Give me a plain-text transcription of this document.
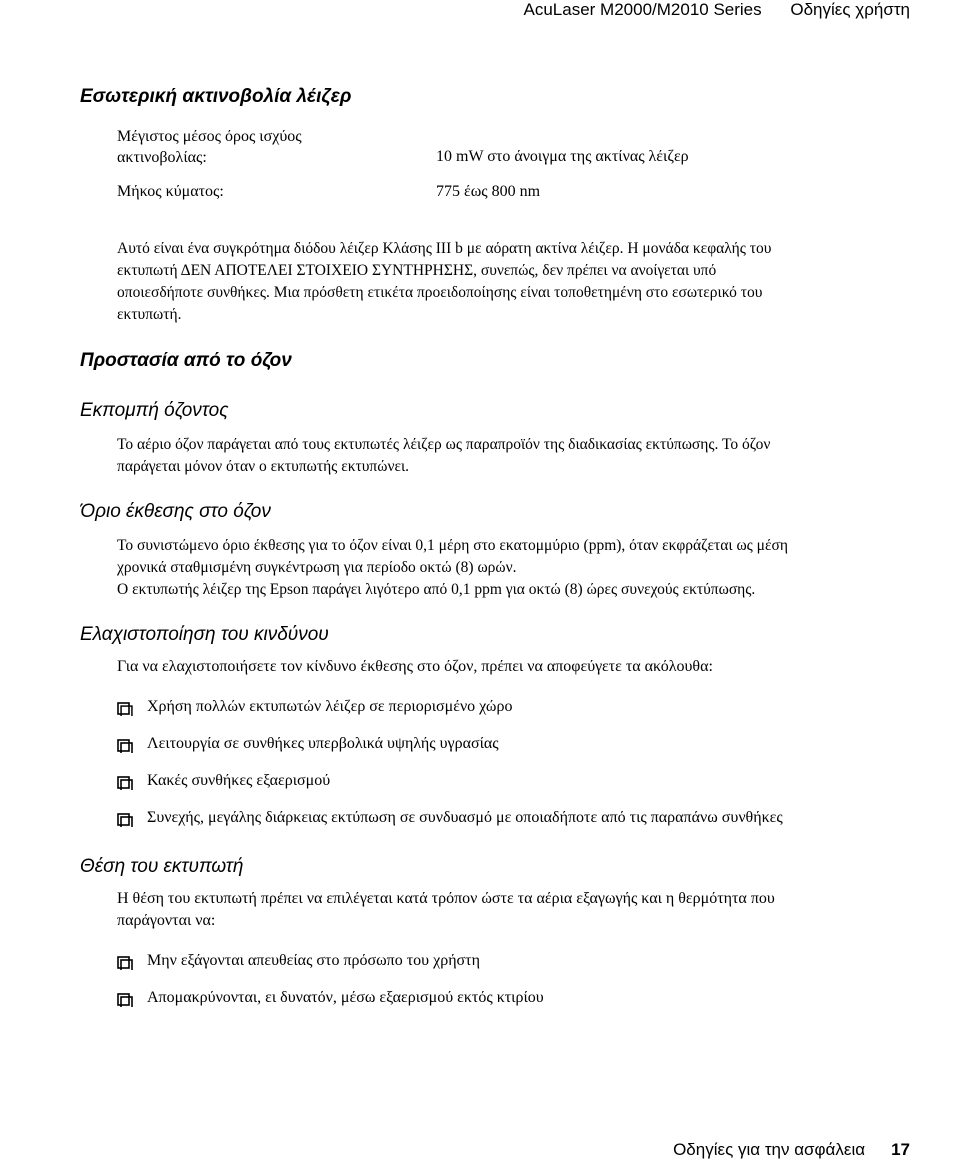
AcuLaser M2000/M2010 Series Οδηγίες χρήστη
Εσωτερική ακτινοβολία λέιζερ
Μέγιστος μέσος όρος ισχύος
ακτινοβολίας:	10 mW στο άνοιγμα της ακτίνας λέιζερ
Μήκος κύματος:	775 έως 800 nm
Αυτό είναι ένα συγκρότημα διόδου λέιζερ Κλάσης III b με αόρατη ακτίνα λέιζερ. Η μονάδα κεφαλής του
εκτυπωτή ΔΕΝ ΑΠΟΤΕΛΕΙ ΣΤΟΙΧΕΙΟ ΣΥΝΤΗΡΗΣΗΣ, συνεπώς, δεν πρέπει να ανοίγεται υπό
οποιεσδήποτε συνθήκες. Μια πρόσθετη ετικέτα προειδοποίησης είναι τοποθετημένη στο εσωτερικό του
εκτυπωτή.
Προστασία από το όζον
Εκπομπή όζοντος
Το αέριο όζον παράγεται από τους εκτυπωτές λέιζερ ως παραπροϊόν της διαδικασίας εκτύπωσης. Το όζον
παράγεται μόνον όταν ο εκτυπωτής εκτυπώνει.
Όριο έκθεσης στο όζον
Το συνιστώμενο όριο έκθεσης για το όζον είναι 0,1 μέρη στο εκατομμύριο (ppm), όταν εκφράζεται ως μέση
χρονικά σταθμισμένη συγκέντρωση για περίοδο οκτώ (8) ωρών.
Ο εκτυπωτής λέιζερ της Epson παράγει λιγότερο από 0,1 ppm για οκτώ (8) ώρες συνεχούς εκτύπωσης.
Ελαχιστοποίηση του κινδύνου
Για να ελαχιστοποιήσετε τον κίνδυνο έκθεσης στο όζον, πρέπει να αποφεύγετε τα ακόλουθα:
Χρήση πολλών εκτυπωτών λέιζερ σε περιορισμένο χώρο
Λειτουργία σε συνθήκες υπερβολικά υψηλής υγρασίας
Κακές συνθήκες εξαερισμού
Συνεχής, μεγάλης διάρκειας εκτύπωση σε συνδυασμό με οποιαδήποτε από τις παραπάνω συνθήκες
Θέση του εκτυπωτή
Η θέση του εκτυπωτή πρέπει να επιλέγεται κατά τρόπον ώστε τα αέρια εξαγωγής και η θερμότητα που
παράγονται να:
Μην εξάγονται απευθείας στο πρόσωπο του χρήστη
Απομακρύνονται, ει δυνατόν, μέσω εξαερισμού εκτός κτιρίου
Οδηγίες για την ασφάλεια 17
